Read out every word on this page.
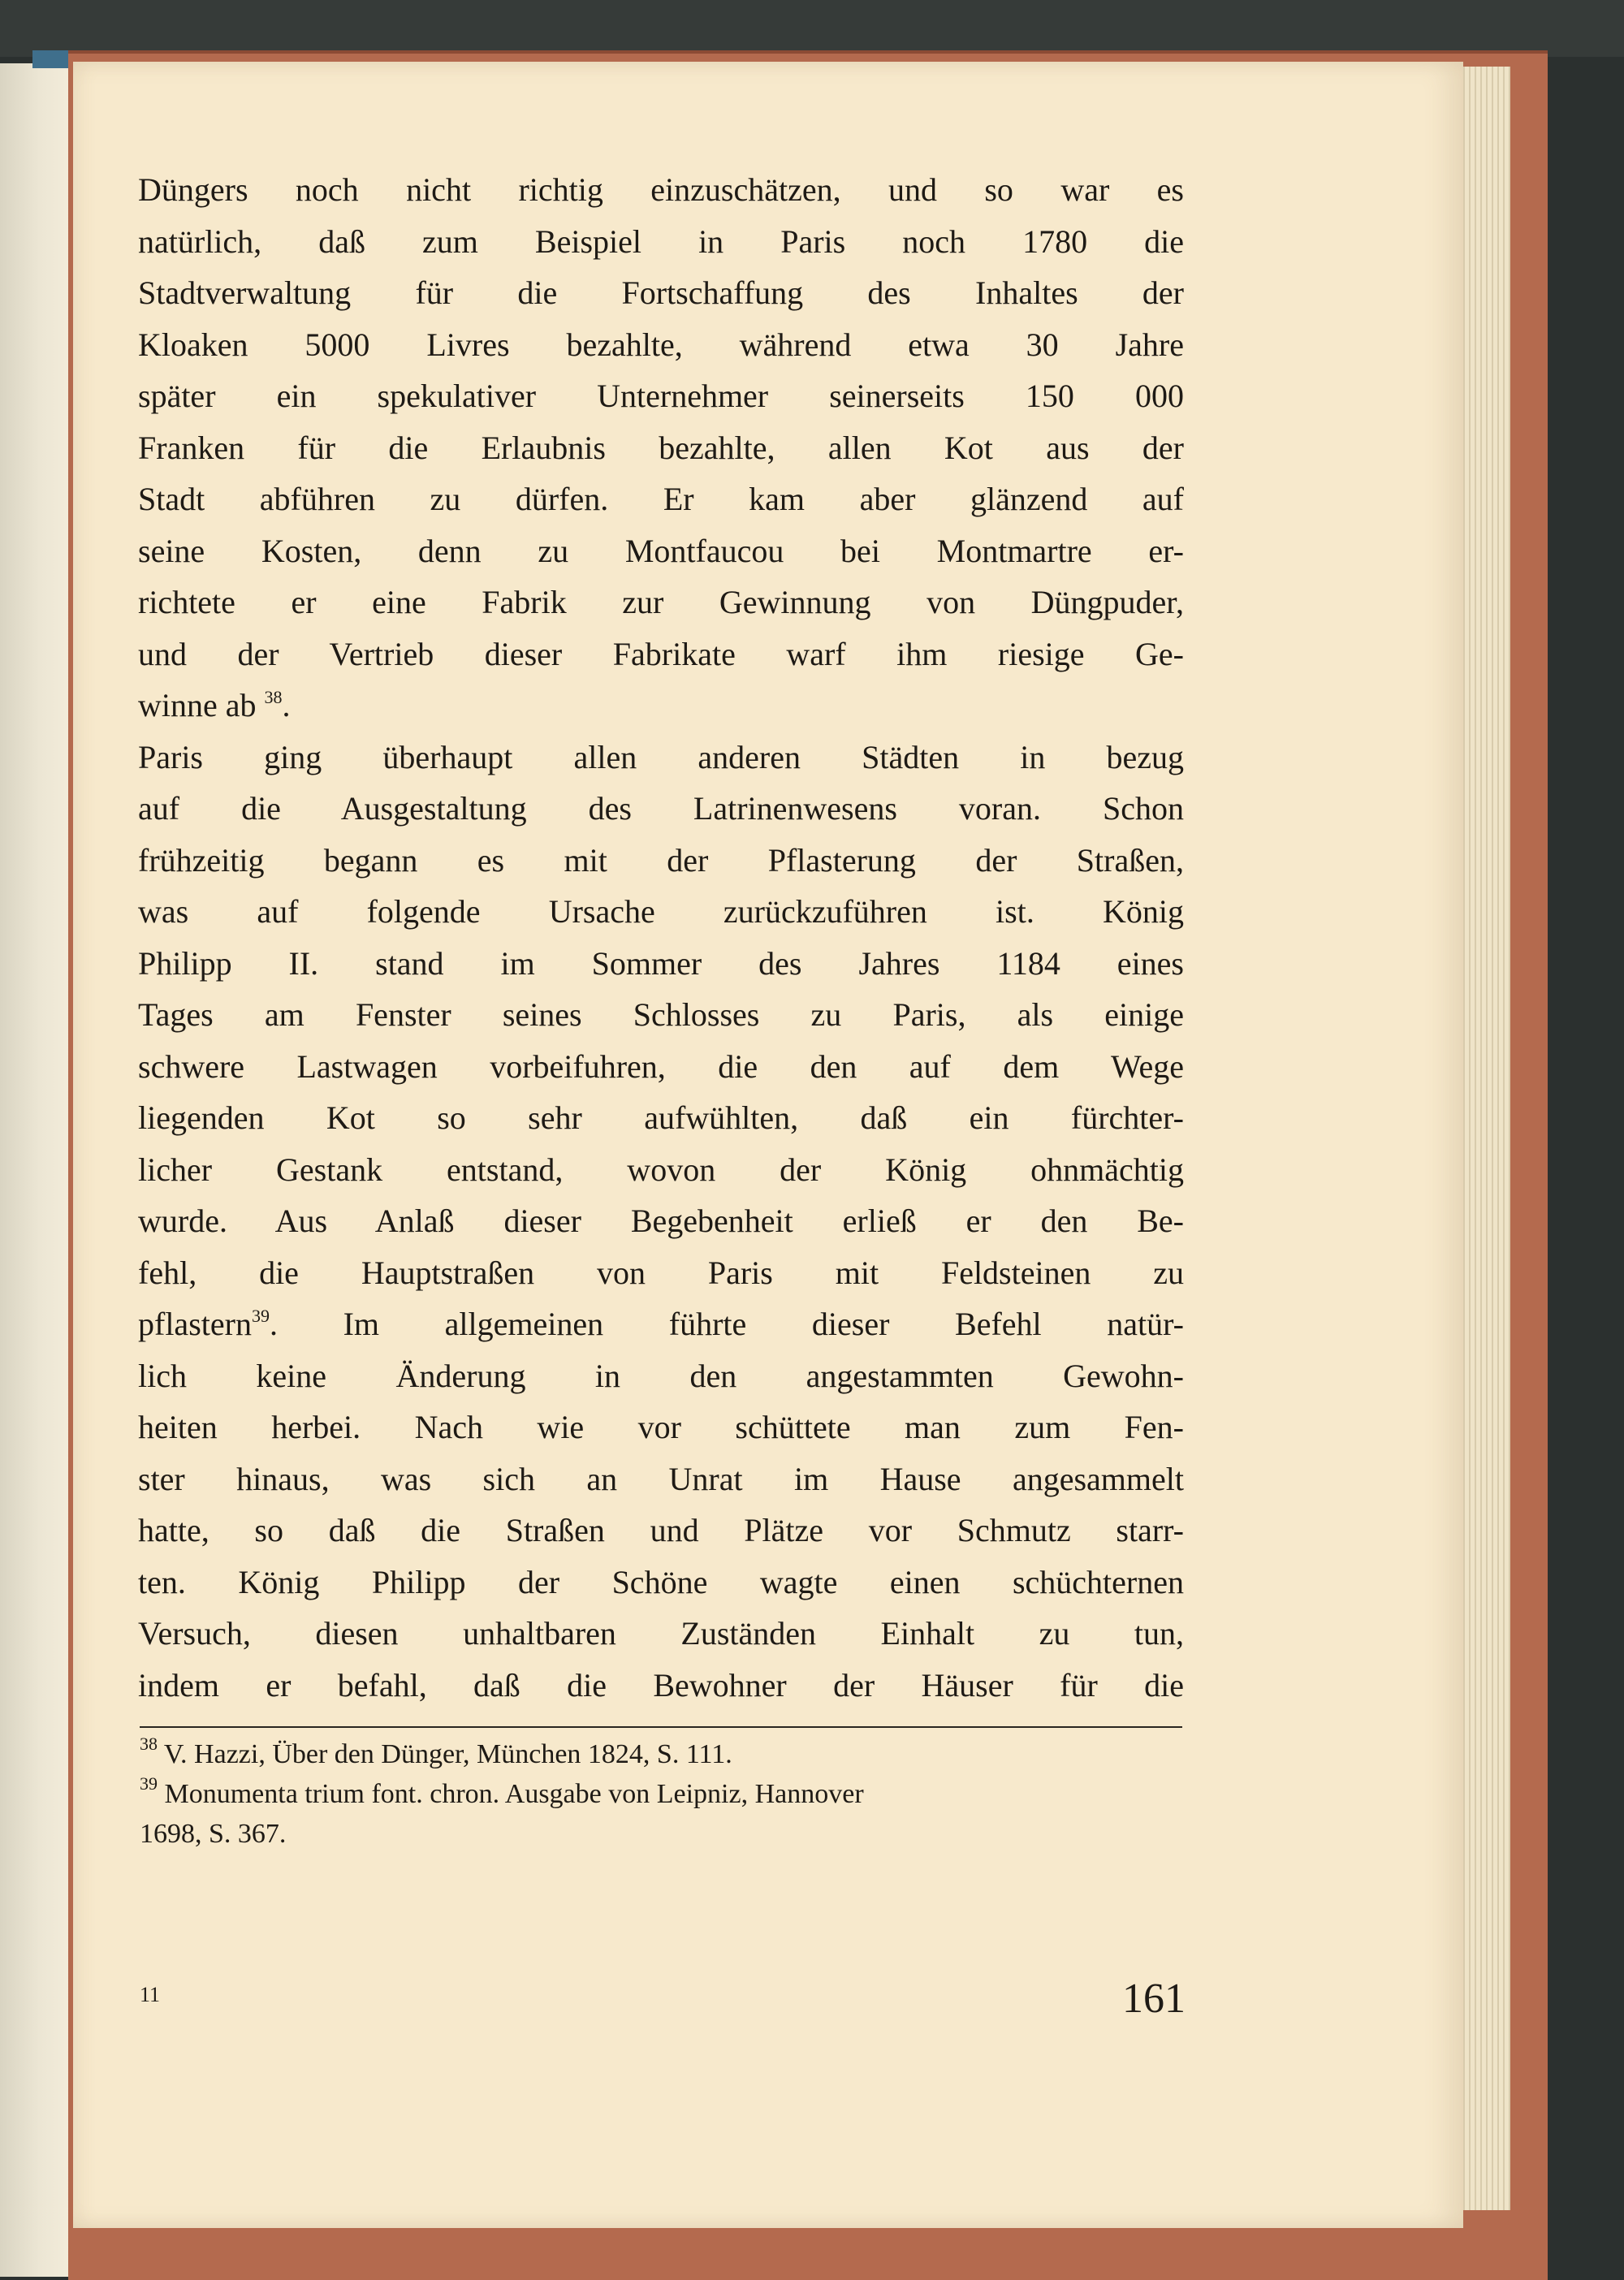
Düngers noch nicht richtig einzuschätzen, und so war es
natürlich, daß zum Beispiel in Paris noch 1780 die
Stadtverwaltung für die Fortschaffung des Inhaltes der
Kloaken 5000 Livres bezahlte, während etwa 30 Jahre
später ein spekulativer Unternehmer seinerseits 150 000
Franken für die Erlaubnis bezahlte, allen Kot aus der
Stadt abführen zu dürfen. Er kam aber glänzend auf
seine Kosten, denn zu Montfaucou bei Montmartre er-
richtete er eine Fabrik zur Gewinnung von Düngpuder,
und der Vertrieb dieser Fabrikate warf ihm riesige Ge-
winne ab $^{38}$.
Paris ging überhaupt allen anderen Städten in bezug
auf die Ausgestaltung des Latrinenwesens voran. Schon
frühzeitig begann es mit der Pflasterung der Straßen,
was auf folgende Ursache zurückzuführen ist. König
Philipp II. stand im Sommer des Jahres 1184 eines
Tages am Fenster seines Schlosses zu Paris, als einige
schwere Lastwagen vorbeifuhren, die den auf dem Wege
liegenden Kot so sehr aufwühlten, daß ein fürchter-
licher Gestank entstand, wovon der König ohnmächtig
wurde. Aus Anlaß dieser Begebenheit erließ er den Be-
fehl, die Hauptstraßen von Paris mit Feldsteinen zu
pflastern$^{39}$. Im allgemeinen führte dieser Befehl natür-
lich keine Änderung in den angestammten Gewohn-
heiten herbei. Nach wie vor schüttete man zum Fen-
ster hinaus, was sich an Unrat im Hause angesammelt
hatte, so daß die Straßen und Plätze vor Schmutz starr-
ten. König Philipp der Schöne wagte einen schüchternen
Versuch, diesen unhaltbaren Zuständen Einhalt zu tun,
indem er befahl, daß die Bewohner der Häuser für die
$^{38}$ V. Hazzi, Über den Dünger, München 1824, S. 111.
$^{39}$ Monumenta trium font. chron. Ausgabe von Leipniz, Hannover
1698, S. 367.
11	161
